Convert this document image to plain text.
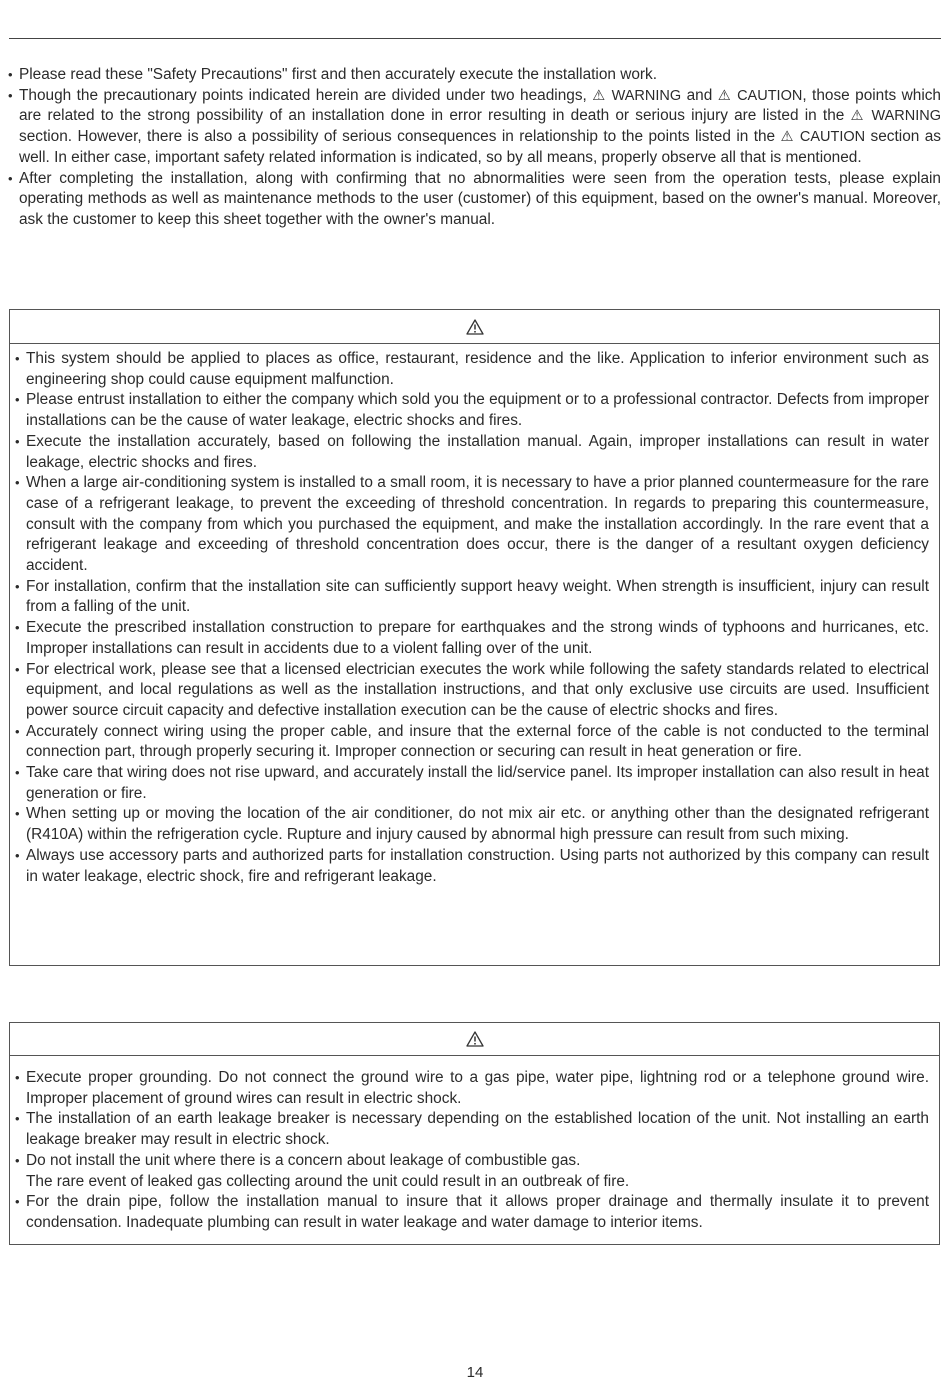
• Please read these "Safety Precautions" first and then accurately execute the installation work.
• Though the precautionary points indicated herein are divided under two headings, ⚠ WARNING and ⚠ CAUTION, those points which are related to the strong possibility of an installation done in error resulting in death or serious injury are listed in the ⚠ WARNING section. However, there is also a possibility of serious consequences in relationship to the points listed in the ⚠ CAUTION section as well. In either case, important safety related information is indicated, so by all means, properly observe all that is mentioned.
• After completing the installation, along with confirming that no abnormalities were seen from the operation tests, please explain operating methods as well as maintenance methods to the user (customer) of this equipment, based on the owner's manual. Moreover, ask the customer to keep this sheet together with the owner's manual.
• This system should be applied to places as office, restaurant, residence and the like. Application to inferior environment such as engineering shop could cause equipment malfunction.
• Please entrust installation to either the company which sold you the equipment or to a professional contractor. Defects from improper installations can be the cause of water leakage, electric shocks and fires.
• Execute the installation accurately, based on following the installation manual. Again, improper installations can result in water leakage, electric shocks and fires.
• When a large air-conditioning system is installed to a small room, it is necessary to have a prior planned countermeasure for the rare case of a refrigerant leakage, to prevent the exceeding of threshold concentration. In regards to preparing this countermeasure, consult with the company from which you purchased the equipment, and make the installation accordingly. In the rare event that a refrigerant leakage and exceeding of threshold concentration does occur, there is the danger of a resultant oxygen deficiency accident.
• For installation, confirm that the installation site can sufficiently support heavy weight. When strength is insufficient, injury can result from a falling of the unit.
• Execute the prescribed installation construction to prepare for earthquakes and the strong winds of typhoons and hurricanes, etc. Improper installations can result in accidents due to a violent falling over of the unit.
• For electrical work, please see that a licensed electrician executes the work while following the safety standards related to electrical equipment, and local regulations as well as the installation instructions, and that only exclusive use circuits are used. Insufficient power source circuit capacity and defective installation execution can be the cause of electric shocks and fires.
• Accurately connect wiring using the proper cable, and insure that the external force of the cable is not conducted to the terminal connection part, through properly securing it. Improper connection or securing can result in heat generation or fire.
• Take care that wiring does not rise upward, and accurately install the lid/service panel. Its improper installation can also result in heat generation or fire.
• When setting up or moving the location of the air conditioner, do not mix air etc. or anything other than the designated refrigerant (R410A) within the refrigeration cycle. Rupture and injury caused by abnormal high pressure can result from such mixing.
• Always use accessory parts and authorized parts for installation construction. Using parts not authorized by this company can result in water leakage, electric shock, fire and refrigerant leakage.
• Execute proper grounding. Do not connect the ground wire to a gas pipe, water pipe, lightning rod or a telephone ground wire. Improper placement of ground wires can result in electric shock.
• The installation of an earth leakage breaker is necessary depending on the established location of the unit. Not installing an earth leakage breaker may result in electric shock.
• Do not install the unit where there is a concern about leakage of combustible gas.
The rare event of leaked gas collecting around the unit could result in an outbreak of fire.
• For the drain pipe, follow the installation manual to insure that it allows proper drainage and thermally insulate it to prevent condensation. Inadequate plumbing can result in water leakage and water damage to interior items.
14
